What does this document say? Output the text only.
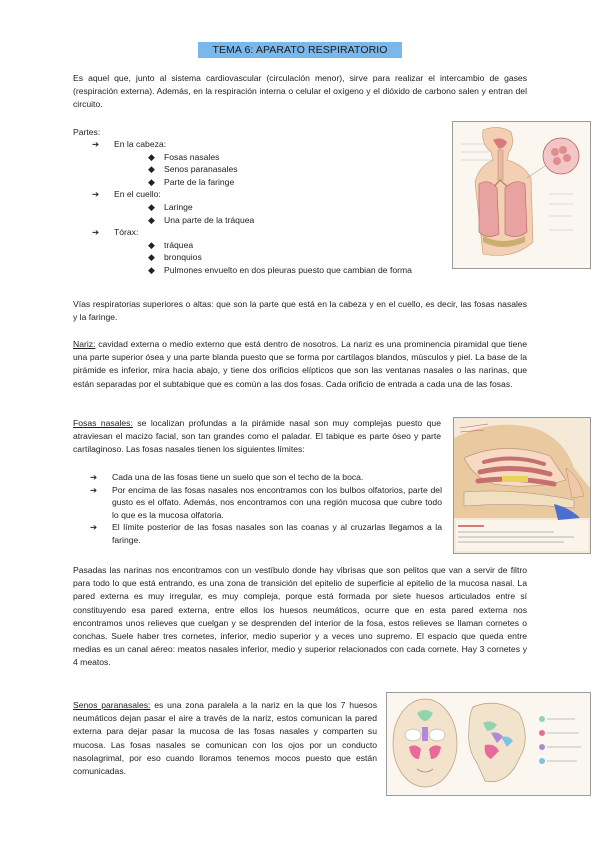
TEMA 6: APARATO RESPIRATORIO

Es aquel que, junto al sistema cardiovascular (circulación menor), sirve para realizar el intercambio de gases (respiración externa). Además, en la respiración interna o celular el oxígeno y el dióxido de carbono salen y entran del circuito.

Partes:
➔ En la cabeza:
◆ Fosas nasales
◆ Senos paranasales
◆ Parte de la faringe
➔ En el cuello:
◆ Laringe
◆ Una parte de la tráquea
➔ Tórax:
◆ tráquea
◆ bronquios
◆ Pulmones envuelto en dos pleuras puesto que cambian de forma

Vías respiratorias superiores o altas: que son la parte que está en la cabeza y en el cuello, es decir, las fosas nasales y la faringe.

Nariz: cavidad externa o medio externo que está dentro de nosotros. La nariz es una prominencia piramidal que tiene una parte superior ósea y una parte blanda puesto que se forma por cartílagos blandos, músculos y piel. La base de la pirámide es inferior, mira hacia abajo, y tiene dos orificios elípticos que son las ventanas nasales o las narinas, que están separadas por el subtabique que es común a las dos fosas. Cada orificio de entrada a cada una de las fosas.

Fosas nasales: se localizan profundas a la pirámide nasal son muy complejas puesto que atraviesan el macizo facial, son tan grandes como el paladar. El tabique es parte óseo y parte cartilaginoso. Las fosas nasales tienen los siguientes límites:

➔ Cada una de las fosas tiene un suelo que son el techo de la boca.
➔ Por encima de las fosas nasales nos encontramos con los bulbos olfatorios, parte del gusto es el olfato. Además, nos encontramos con una región mucosa que cubre todo lo que es la mucosa olfatoria.
➔ El límite posterior de las fosas nasales son las coanas y al cruzarlas llegamos a la faringe.

Pasadas las narinas nos encontramos con un vestíbulo donde hay vibrisas que son pelitos que van a servir de filtro para todo lo que está entrando, es una zona de transición del epitelio de superficie al epitelio de la mucosa nasal. La pared externa es muy irregular, es muy compleja, porque está formada por siete huesos articulados entre sí constituyendo esa pared externa, entre ellos los huesos neumáticos, ocurre que en esta pared externa nos encontramos unos relieves que cuelgan y se desprenden del interior de la fosa, estos relieves se llaman cornetes o conchas. Suele haber tres cornetes, inferior, medio superior y a veces uno supremo. El espacio que queda entre medias es un canal aéreo: meatos nasales inferior, medio y superior relacionados con cada cornete. Hay 3 cornetes y 4 meatos.

Senos paranasales: es una zona paralela a la nariz en la que los 7 huesos neumáticos dejan pasar el aire a través de la nariz, estos comunican la pared externa para dejar pasar la mucosa de las fosas nasales y comparten su mucosa. Las fosas nasales se comunican con los ojos por un conducto nasolagrimal, por eso cuando lloramos tenemos mocos puesto que están comunicadas.
